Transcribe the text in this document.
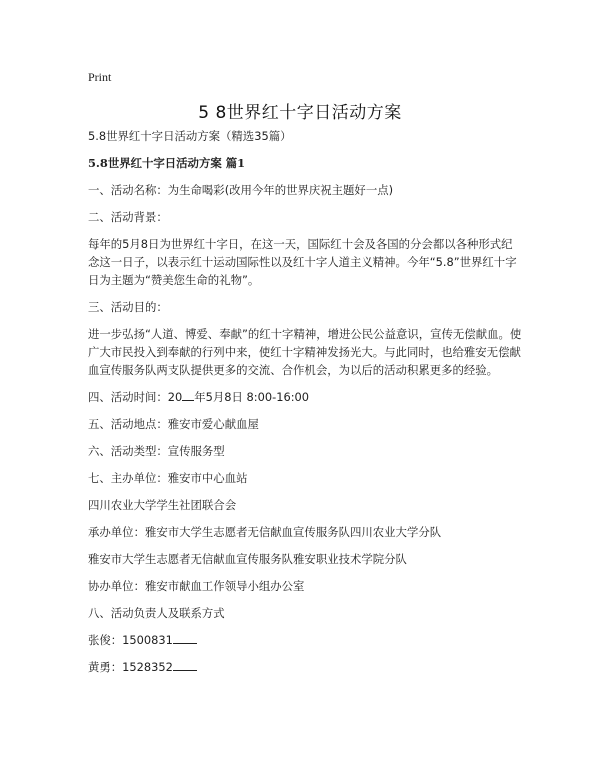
Print
5 8世界红十字日活动方案

5.8世界红十字日活动方案（精选35篇）

5.8世界红十字日活动方案 篇1

一、活动名称：为生命喝彩(改用今年的世界庆祝主题好一点)

二、活动背景：

每年的5月8日为世界红十字日，在这一天，国际红十会及各国的分会都以各种形式纪念这一日子，以表示红十运动国际性以及红十字人道主义精神。今年“5.8”世界红十字日为主题为“赞美您生命的礼物”。

三、活动目的：

进一步弘扬“人道、博爱、奉献”的红十字精神，增进公民公益意识，宣传无偿献血。使广大市民投入到奉献的行列中来，使红十字精神发扬光大。与此同时，也给雅安无偿献血宣传服务队两支队提供更多的交流、合作机会，为以后的活动积累更多的经验。

四、活动时间：20 年5月8日 8:00-16:00

五、活动地点：雅安市爱心献血屋

六、活动类型：宣传服务型

七、主办单位：雅安市中心血站

四川农业大学学生社团联合会

承办单位：雅安市大学生志愿者无信献血宣传服务队四川农业大学分队

雅安市大学生志愿者无信献血宣传服务队雅安职业技术学院分队

协办单位：雅安市献血工作领导小组办公室

八、活动负责人及联系方式

张俊：1500831

黄勇：1528352
